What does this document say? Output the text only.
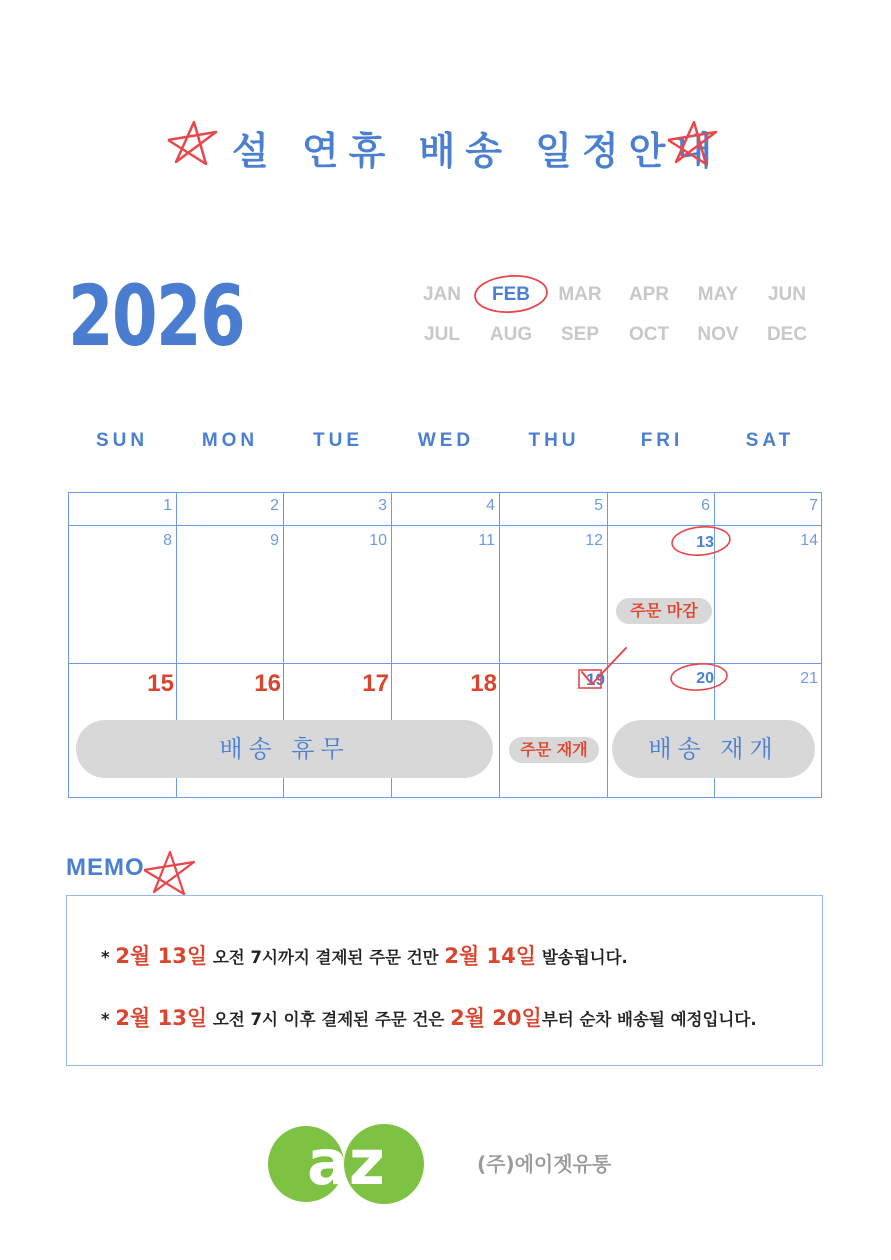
설 연휴 배송 일정안내
2026	JAN	FEB	MAR	APR	MAY	JUN
JUL	AUG	SEP	OCT	NOV	DEC
SUN	MON	TUE	WED	THU	FRI	SAT
1	2	3	4	5	6	7
8	9	10	11	12	13	14
주문 마감
15	16	17	18	19	20	21
배송 휴무	주문 재개	배송 재개
MEMO
* 2월 13일 오전 7시까지 결제된 주문 건만 2월 14일 발송됩니다.
* 2월 13일 오전 7시 이후 결제된 주문 건은 2월 20일부터 순차 배송될 예정입니다.
az	(주)에이젯유통
